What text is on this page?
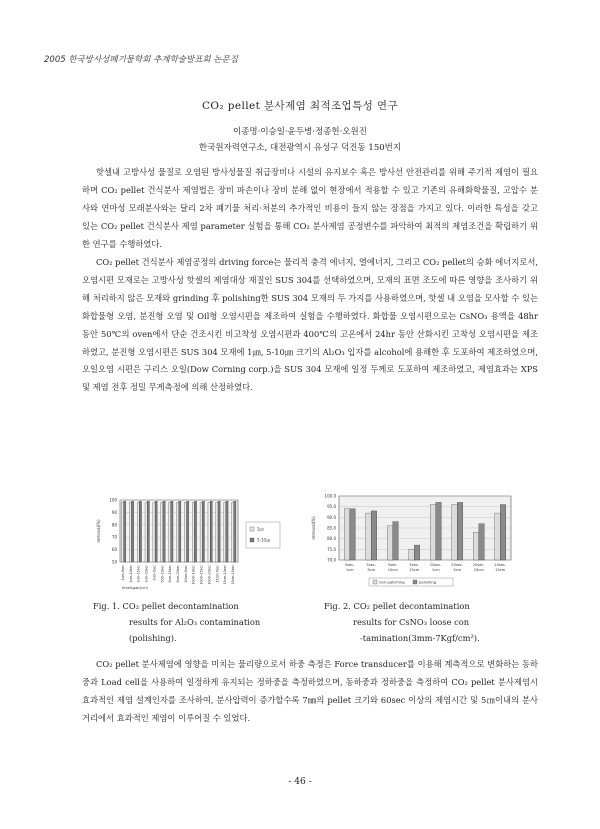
2005 한국방사성폐기물학회 추계학술발표회 논문집
CO₂ pellet 분사제염 최적조업특성 연구
이종명·이승일·윤두병·정종헌·오원진
한국원자력연구소, 대전광역시 유성구 덕진동 150번지

핫셀내 고방사성 물질로 오염된 방사성물질 취급장비나 시설의 유지보수 혹은 방사선 안전관리를 위해 주기적 제염이 필요하며 CO₂ pellet 건식분사 제염법은 장비 파손이나 장비 분해 없이 현장에서 적용할 수 있고 기존의 유해화학물질, 고압수 분사와 연마성 모래분사와는 달리 2차 폐기물 처리·처분의 추가적인 비용이 들지 않는 장점을 가지고 있다. 이러한 특성을 갖고 있는 CO₂ pellet 건식분사 제염 parameter 실험을 통해 CO₂ 분사제염 공정변수를 파악하여 최적의 제염조건을 확립하기 위한 연구를 수행하였다.

CO₂ pellet 건식분사 제염공정의 driving force는 물리적 충격 에너지, 열에너지, 그리고 CO₂ pellet의 승화 에너지로서, 오염시편 모재로는 고방사성 핫셀의 제염대상 재질인 SUS 304를 선택하였으며, 모재의 표면 조도에 따른 영향을 조사하기 위해 처리하지 않은 모재와 grinding 후 polishing한 SUS 304 모재의 두 가지를 사용하였으며, 핫셀 내 오염을 모사할 수 있는 화합물형 오염, 분진형 오염 및 Oil형 오염시편을 제조하여 실험을 수행하였다. 화합물 오염시편으로는 CsNO₃ 용액을 48hr 동안 50℃의 oven에서 단순 건조시킨 비고착성 오염시편과 400℃의 고온에서 24hr 동안 산화시킨 고착성 오염시편을 제조하였고, 분진형 오염시편은 SUS 304 모재에 1㎛, 5-10㎛ 크기의 Al₂O₃ 입자를 alcohol에 용해한 후 도포하여 제조하였으며, 오일오염 시편은 구리스 오일(Dow Corning corp.)을 SUS 304 모재에 일정 두께로 도포하여 제조하였고, 제염효과는 XPS 및 제염 전후 정밀 무게측정에 의해 산정하였다.

50
60
70
80
90
100
removal(%)
1cm-5sec 1cm-10sec 1cm-15sec 1cm-20sec 5cm-5sec 5cm-10sec 5cm-15sec 5cm-20sec 10cm-5sec 10cm-10sec 10cm-15sec 10cm-20sec 15cm-5sec 15cm-10sec 15cm-15sec
time&gap(cm)
1㎛
5-10㎛
70.0
75.0
80.0
85.0
90.0
95.0
100.0
removal(%)
5sec-
1cm
5sec-
5cm
5sec-
10cm
5sec-
15cm
20sec-
1cm
20sec-
5cm
20sec-
10cm
20sec-
15cm
non-polishing	polishing
Fig. 1. CO₂ pellet decontamination
results for Al₂O₃ contamination
(polishing).
Fig. 2. CO₂ pellet decontamination
results for CsNO₃ loose con
-tamination(3mm-7Kgf/cm²).

CO₂ pellet 분사제염에 영향을 미치는 물리량으로서 하중 측정은 Force transducer를 이용해 계측적으로 변화하는 동하중과 Load cell을 사용하여 일정하게 유지되는 정하중을 측정하였으며, 동하중과 정하중을 측정하여 CO₂ pellet 분사제염시 효과적인 제염 설계인자를 조사하여, 분사압력이 증가할수록 7㎜의 pellet 크기와 60sec 이상의 제염시간 및 5㎝이내의 분사거리에서 효과적인 제염이 이루어질 수 있었다.

- 46 -
